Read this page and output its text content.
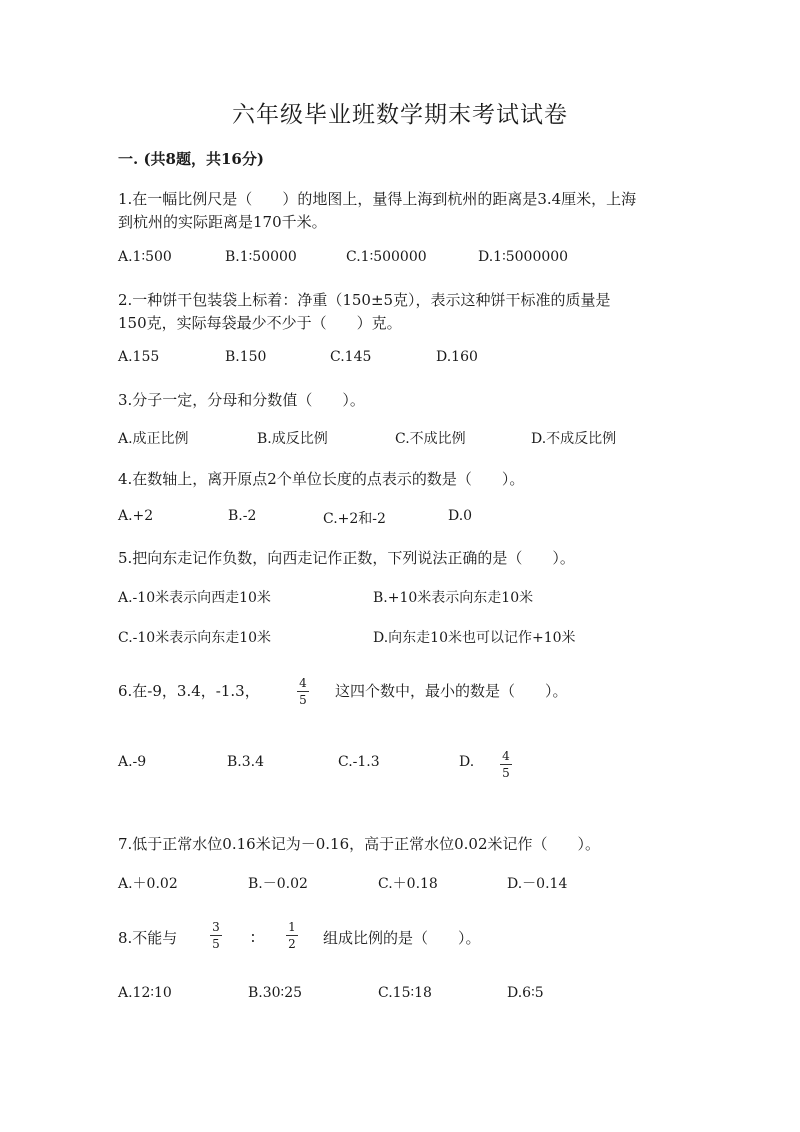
六年级毕业班数学期末考试试卷
一. (共8题，共16分)
1.在一幅比例尺是（　　）的地图上，量得上海到杭州的距离是3.4厘米，上海
到杭州的实际距离是170千米。
A.1∶500	B.1∶50000	C.1∶500000	D.1∶5000000
2.一种饼干包装袋上标着：净重（150±5克），表示这种饼干标准的质量是
150克，实际每袋最少不少于（　　）克。
A.155	B.150	C.145	D.160
3.分子一定，分母和分数值（　　）。
A.成正比例	B.成反比例	C.不成比例	D.不成反比例
4.在数轴上，离开原点2个单位长度的点表示的数是（　　）。
A.+2	B.-2	C.+2和-2	D.0
5.把向东走记作负数，向西走记作正数，下列说法正确的是（　　）。
A.-10米表示向西走10米	B.+10米表示向东走10米
C.-10米表示向东走10米	D.向东走10米也可以记作+10米
6.在-9，3.4，-1.3，	4
5 这四个数中，最小的数是（　　）。
A.-9	B.3.4	C.-1.3	D. 4
5
7.低于正常水位0.16米记为－0.16，高于正常水位0.02米记作（　　）。
A.＋0.02	B.－0.02	C.＋0.18	D.－0.14
8.不能与
3
5 ∶
1
2 组成比例的是（　　）。
A.12∶10	B.30∶25	C.15∶18	D.6∶5
